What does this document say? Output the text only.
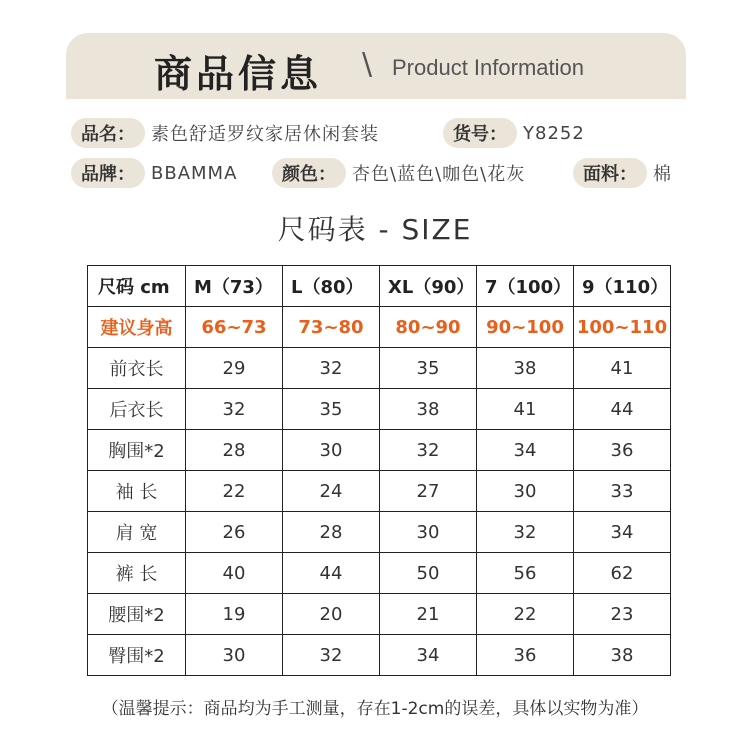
商品信息 \ Product Information
品名： 素色舒适罗纹家居休闲套装	货号： Y8252
品牌： BBAMMA	颜色： 杏色\蓝色\咖色\花灰	面料： 棉
尺码表 - SIZE
尺码 cm	M（73）	L（80）	XL（90）	7（100）	9（110）
建议身高	66~73	73~80	80~90	90~100	100~110
前衣长	29	32	35	38	41
后衣长	32	35	38	41	44
胸围*2	28	30	32	34	36
袖 长	22	24	27	30	33
肩 宽	26	28	30	32	34
裤 长	40	44	50	56	62
腰围*2	19	20	21	22	23
臀围*2	30	32	34	36	38
（温馨提示：商品均为手工测量，存在1-2cm的误差，具体以实物为准）
